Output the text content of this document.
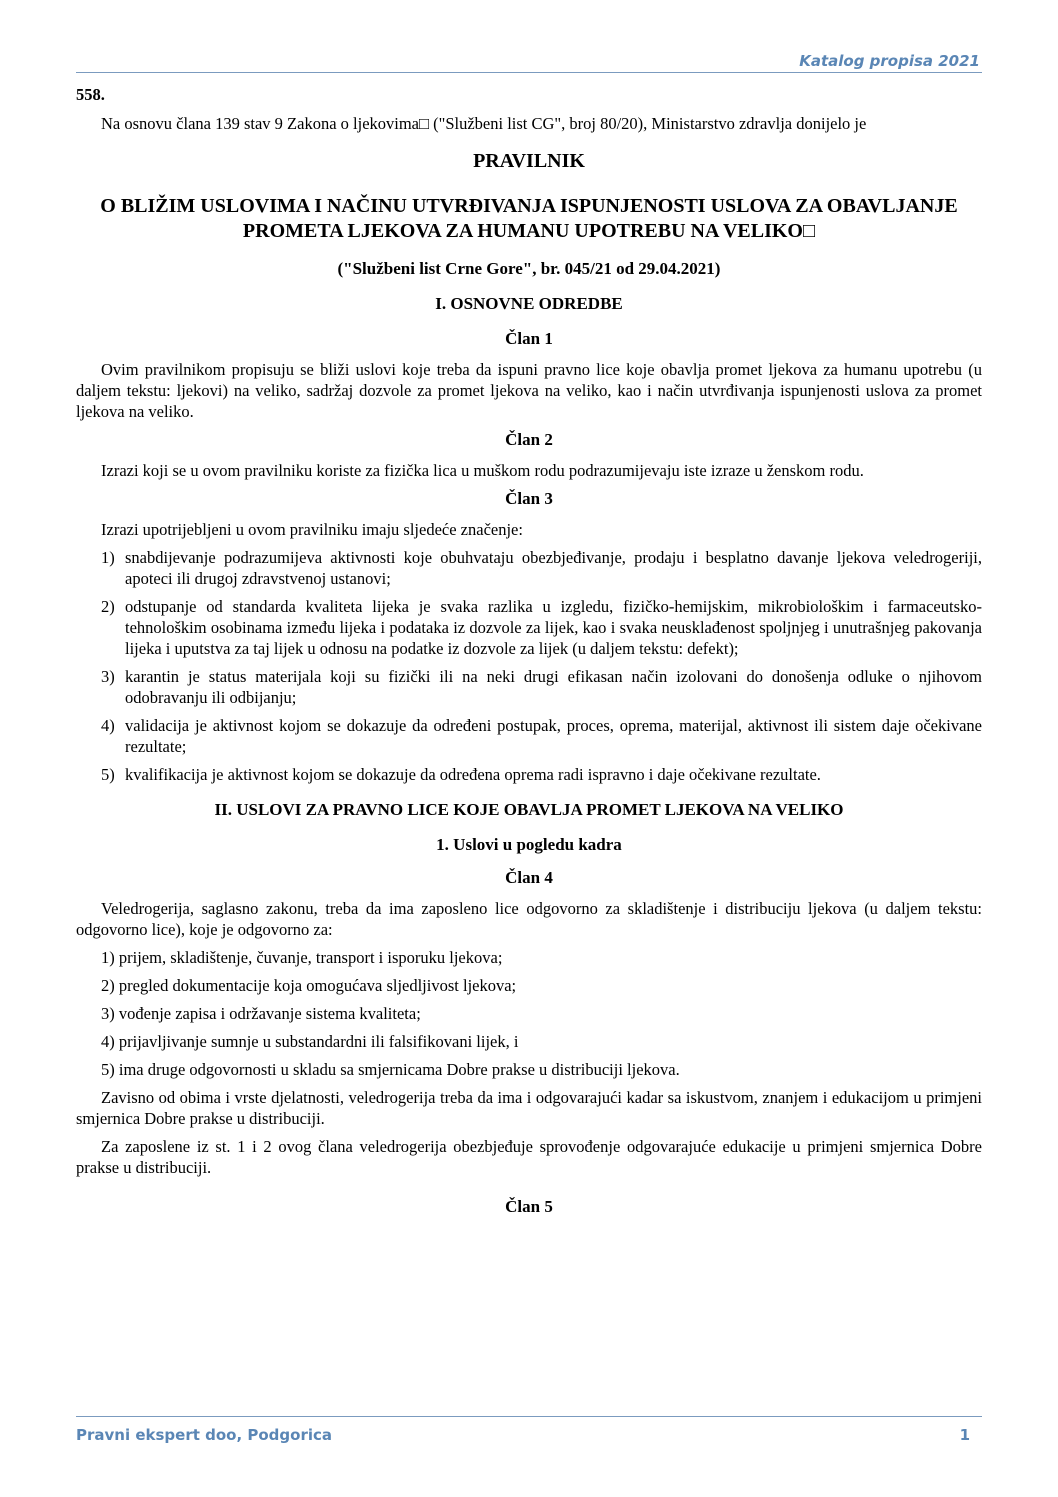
Katalog propisa 2021
558.

Na osnovu člana 139 stav 9 Zakona o ljekovima□ ("Službeni list CG", broj 80/20), Ministarstvo zdravlja donijelo je

PRAVILNIK
O BLIŽIM USLOVIMA I NAČINU UTVRĐIVANJA ISPUNJENOSTI USLOVA ZA OBAVLJANJE PROMETA LJEKOVA ZA HUMANU UPOTREBU NA VELIKO□
("Službeni list Crne Gore", br. 045/21 od 29.04.2021)
I. OSNOVNE ODREDBE
Član 1

Ovim pravilnikom propisuju se bliži uslovi koje treba da ispuni pravno lice koje obavlja promet ljekova za humanu upotrebu (u daljem tekstu: ljekovi) na veliko, sadržaj dozvole za promet ljekova na veliko, kao i način utvrđivanja ispunjenosti uslova za promet ljekova na veliko.

Član 2

Izrazi koji se u ovom pravilniku koriste za fizička lica u muškom rodu podrazumijevaju iste izraze u ženskom rodu.

Član 3

Izrazi upotrijebljeni u ovom pravilniku imaju sljedeće značenje:

1) snabdijevanje podrazumijeva aktivnosti koje obuhvataju obezbjeđivanje, prodaju i besplatno davanje ljekova veledrogeriji, apoteci ili drugoj zdravstvenoj ustanovi;
2) odstupanje od standarda kvaliteta lijeka je svaka razlika u izgledu, fizičko-hemijskim, mikrobiološkim i farmaceutsko-tehnološkim osobinama između lijeka i podataka iz dozvole za lijek, kao i svaka neusklađenost spoljnjeg i unutrašnjeg pakovanja lijeka i uputstva za taj lijek u odnosu na podatke iz dozvole za lijek (u daljem tekstu: defekt);
3) karantin je status materijala koji su fizički ili na neki drugi efikasan način izolovani do donošenja odluke o njihovom odobravanju ili odbijanju;
4) validacija je aktivnost kojom se dokazuje da određeni postupak, proces, oprema, materijal, aktivnost ili sistem daje očekivane rezultate;
5) kvalifikacija je aktivnost kojom se dokazuje da određena oprema radi ispravno i daje očekivane rezultate.
II. USLOVI ZA PRAVNO LICE KOJE OBAVLJA PROMET LJEKOVA NA VELIKO
1. Uslovi u pogledu kadra
Član 4

Veledrogerija, saglasno zakonu, treba da ima zaposleno lice odgovorno za skladištenje i distribuciju ljekova (u daljem tekstu: odgovorno lice), koje je odgovorno za:

1) prijem, skladištenje, čuvanje, transport i isporuku ljekova;
2) pregled dokumentacije koja omogućava sljedljivost ljekova;
3) vođenje zapisa i održavanje sistema kvaliteta;
4) prijavljivanje sumnje u substandardni ili falsifikovani lijek, i
5) ima druge odgovornosti u skladu sa smjernicama Dobre prakse u distribuciji ljekova.

Zavisno od obima i vrste djelatnosti, veledrogerija treba da ima i odgovarajući kadar sa iskustvom, znanjem i edukacijom u primjeni smjernica Dobre prakse u distribuciji.

Za zaposlene iz st. 1 i 2 ovog člana veledrogerija obezbjeđuje sprovođenje odgovarajuće edukacije u primjeni smjernica Dobre prakse u distribuciji.

Član 5
Pravni ekspert doo, Podgorica	1
